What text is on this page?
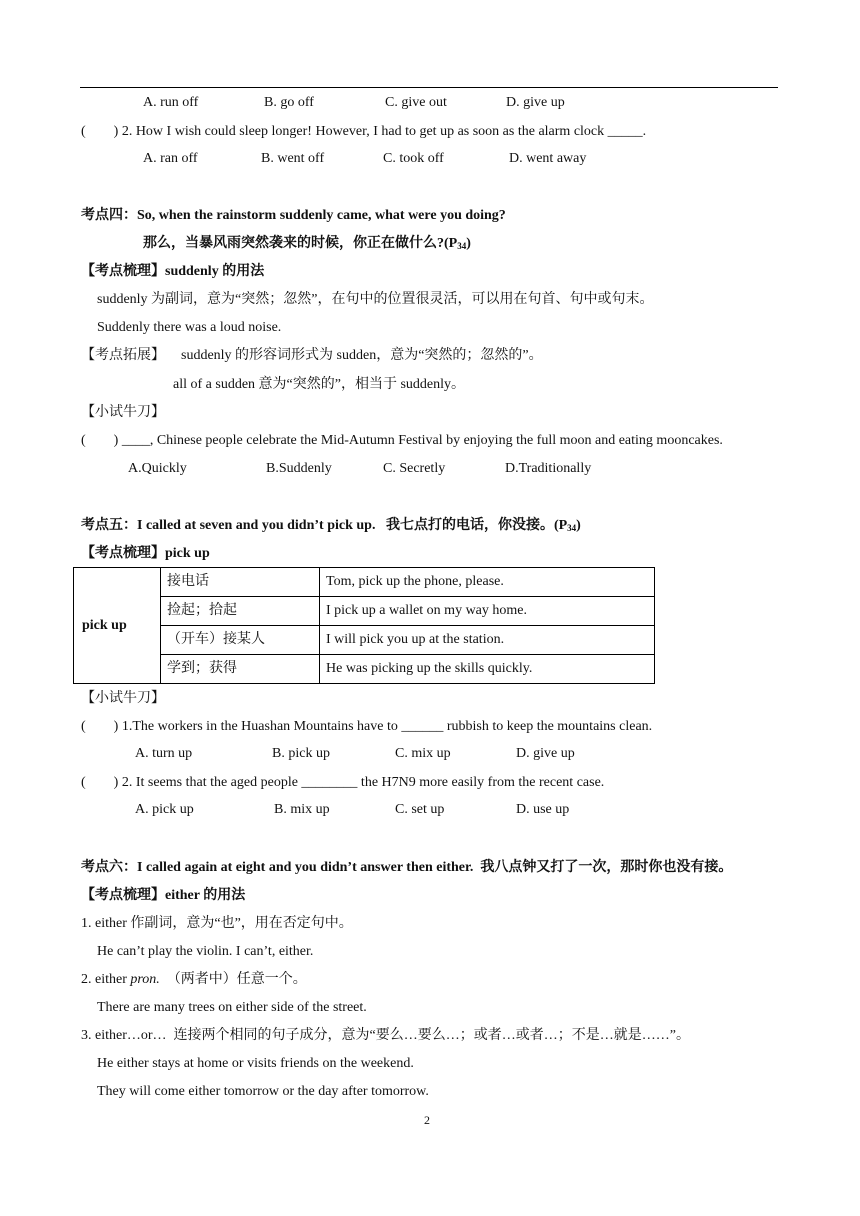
A. run off	B. go off	C. give out	D. give up
(        ) 2. How I wish could sleep longer! However, I had to get up as soon as the alarm clock _____.
A. ran off	B. went off	C. took off	D. went away
考点四：So, when the rainstorm suddenly came, what were you doing?
那么，当暴风雨突然袭来的时候，你正在做什么$?(P_{34})$
【考点梳理】suddenly 的用法
suddenly 为副词，意为“突然；忽然”，在句中的位置很灵活，可以用在句首、句中或句末。
Suddenly there was a loud noise.
【考点拓展】 suddenly 的形容词形式为 sudden，意为“突然的；忽然的”。
all of a sudden 意为“突然的”，相当于 suddenly。
【小试牛刀】
(        ) ____, Chinese people celebrate the Mid-Autumn Festival by enjoying the full moon and eating mooncakes.
A.Quickly	B.Suddenly	C. Secretly	D.Traditionally
考点五：I called at seven and you didn’t pick up.   我七点打的电话，你没接。$(P_{34})$
【考点梳理】pick up
pick up	接电话	Tom, pick up the phone, please.
	捡起；拾起	I pick up a wallet on my way home.
	（开车）接某人	I will pick you up at the station.
	学到；获得	He was picking up the skills quickly.
【小试牛刀】
(        ) 1.The workers in the Huashan Mountains have to ______ rubbish to keep the mountains clean.
A. turn up	B. pick up	C. mix up	D. give up
(        ) 2. It seems that the aged people ________ the H7N9 more easily from the recent case.
A. pick up	B. mix up	C. set up	D. use up
考点六：I called again at eight and you didn’t answer then either.  我八点钟又打了一次，那时你也没有接。
【考点梳理】either 的用法
1. either 作副词，意为“也”，用在否定句中。
He can’t play the violin. I can’t, either.
2. either pron.  （两者中）任意一个。
There are many trees on either side of the street.
3. either…or…  连接两个相同的句子成分，意为“要么…要么…；或者…或者…；不是…就是……”。
He either stays at home or visits friends on the weekend.
They will come either tomorrow or the day after tomorrow.
2
